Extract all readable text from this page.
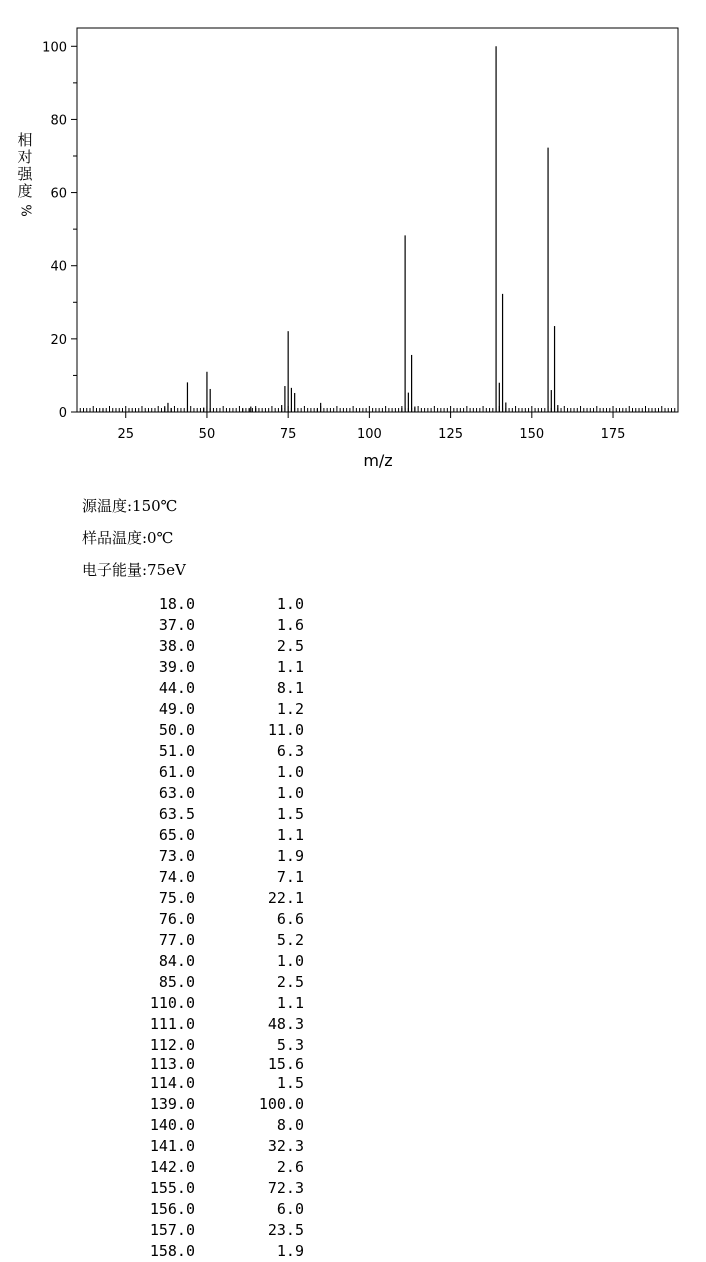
25	50	75	100	125	150	175
0
20
40
60
80
100
m/z
相
对
强
度
%
源温度:150℃
样品温度:0℃
电子能量:75eV
18.0	1.0
37.0	1.6
38.0	2.5
39.0	1.1
44.0	8.1
49.0	1.2
50.0	11.0
51.0	6.3
61.0	1.0
63.0	1.0
63.5	1.5
65.0	1.1
73.0	1.9
74.0	7.1
75.0	22.1
76.0	6.6
77.0	5.2
84.0	1.0
85.0	2.5
110.0	1.1
111.0	48.3
112.0	5.3
113.0	15.6
114.0	1.5
139.0	100.0
140.0	8.0
141.0	32.3
142.0	2.6
155.0	72.3
156.0	6.0
157.0	23.5
158.0	1.9
